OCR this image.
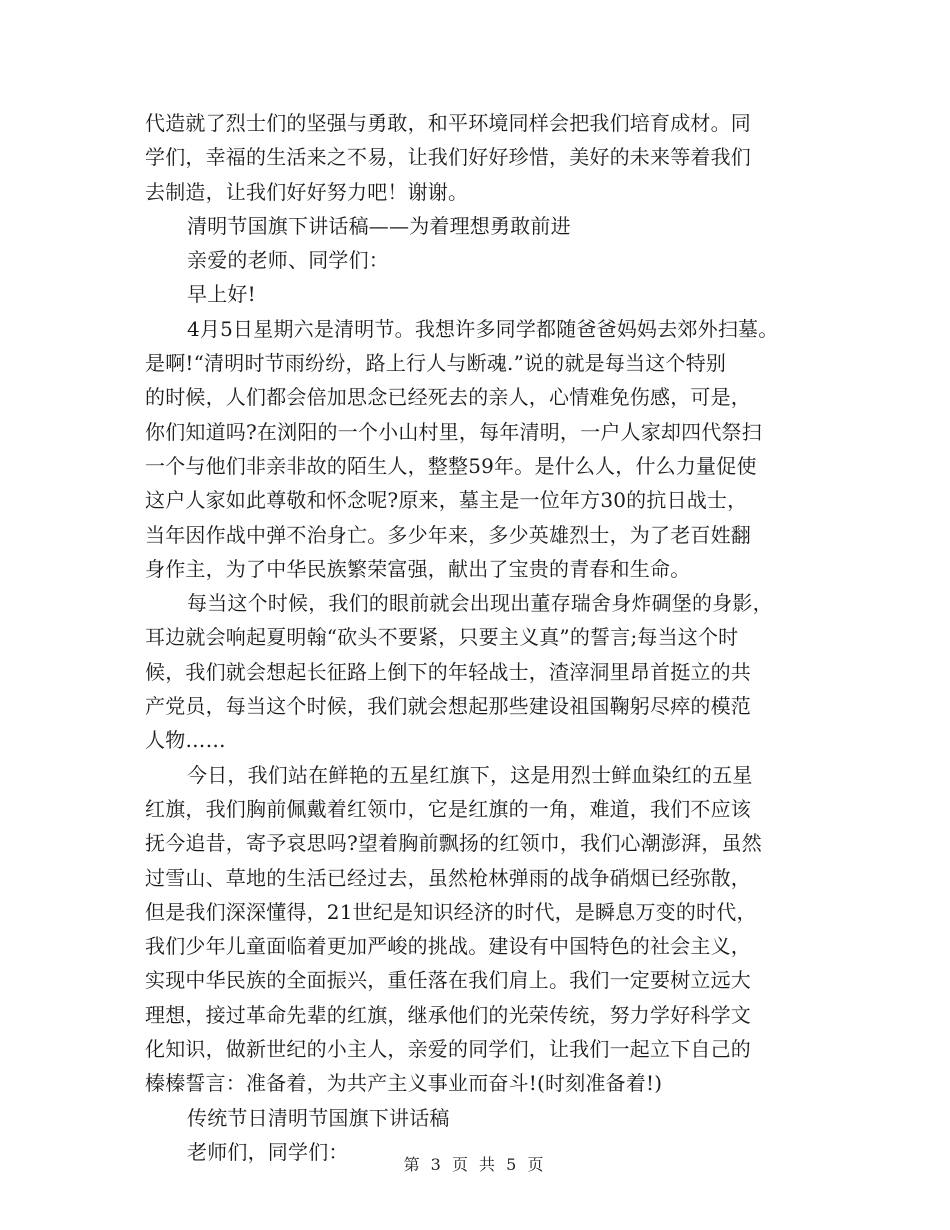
代造就了烈士们的坚强与勇敢，和平环境同样会把我们培育成材。同
学们，幸福的生活来之不易，让我们好好珍惜，美好的未来等着我们
去制造，让我们好好努力吧！谢谢。
清明节国旗下讲话稿——为着理想勇敢前进
亲爱的老师、同学们：
早上好!
4月5日星期六是清明节。我想许多同学都随爸爸妈妈去郊外扫墓。
是啊!“清明时节雨纷纷，路上行人与断魂.”说的就是每当这个特别
的时候，人们都会倍加思念已经死去的亲人，心情难免伤感，可是，
你们知道吗?在浏阳的一个小山村里，每年清明，一户人家却四代祭扫
一个与他们非亲非故的陌生人，整整59年。是什么人，什么力量促使
这户人家如此尊敬和怀念呢?原来，墓主是一位年方30的抗日战士，
当年因作战中弹不治身亡。多少年来，多少英雄烈士，为了老百姓翻
身作主，为了中华民族繁荣富强，献出了宝贵的青春和生命。
每当这个时候，我们的眼前就会出现出董存瑞舍身炸碉堡的身影，
耳边就会响起夏明翰“砍头不要紧，只要主义真”的誓言;每当这个时
候，我们就会想起长征路上倒下的年轻战士，渣滓洞里昂首挺立的共
产党员，每当这个时候，我们就会想起那些建设祖国鞠躬尽瘁的模范
人物……
今日，我们站在鲜艳的五星红旗下，这是用烈士鲜血染红的五星
红旗，我们胸前佩戴着红领巾，它是红旗的一角，难道，我们不应该
抚今追昔，寄予哀思吗?望着胸前飘扬的红领巾，我们心潮澎湃，虽然
过雪山、草地的生活已经过去，虽然枪林弹雨的战争硝烟已经弥散，
但是我们深深懂得，21世纪是知识经济的时代，是瞬息万变的时代，
我们少年儿童面临着更加严峻的挑战。建设有中国特色的社会主义，
实现中华民族的全面振兴，重任落在我们肩上。我们一定要树立远大
理想，接过革命先辈的红旗，继承他们的光荣传统，努力学好科学文
化知识，做新世纪的小主人，亲爱的同学们，让我们一起立下自己的
榛榛誓言：准备着，为共产主义事业而奋斗!(时刻准备着!)
传统节日清明节国旗下讲话稿
老师们，同学们：
第 3 页 共 5 页
